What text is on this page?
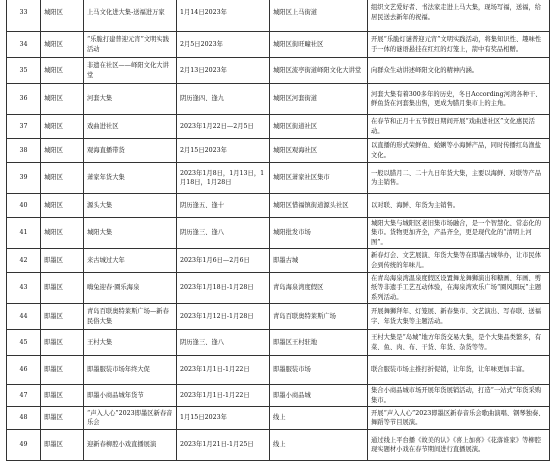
33	城阳区	上马文化进大集-送福进万家	1月14日2023年	城阳区上马街道	组织文艺爱好者、书法家走进上马大集，现场写福，送福，给居民送去新年的祝福。
34	城阳区	“乐脆打建普迎元宵”文明实践活动	2月5日2023年	城阳区街旺疃社区	开展“乐脆灯谜普迎元宵”文明实践活动，将集知识性、趣味性于一体的谜语悬挂在红红的灯笼上，箭中有奖品相赠。
35	城阳区	非遗在社区——峄阳文化大讲堂	2月13日2023年	城阳区流亭街道峄阳文化大讲堂	向群众生动讲述峄阳文化的精神内涵。
36	城阳区	河套大集	阴历逢四、逢九	城阳区河套街道	河套大集有着300多年的历史，冬日According河湾各种干、鲜鱼货在河套集出售，更成为腊月集市上的主角。
37	城阳区	戏曲进社区	2023年1月22日—2月5日	城阳区街道社区	在春节和正月十五节假日期间开展“戏曲进社区”文化惠民活动。
38	城阳区	观海直播带货	2月15日2023年	城阳区观海社区	以直播的形式荣鲜鱼、蛤蜊等小海鲜产品，同时传播红岛渔盐文化。
39	城阳区	萧家年货大集	2023年1月8日，1月13日，1月18日，1月28日	城阳区萧家社区集市	一般以腊月二、二十九日年货大集，主要以海鲜、对联等产品为主销售。
40	城阳区	源头大集	阴历逢五、逢十	城阳区惜福镇街道源头社区	以对联、海鲜、年货为主销售。
41	城阳区	城阳大集	阴历逢三、逢八	城阳批发市场	城阳大集与城阳区老旧集市场融合，是一个智慧化、常态化的集市。货物更加齐全，产品齐全，更是现代化的“清明上河图”。
42	即墨区	来古城过大年	2023年1月6日—2月6日	即墨古城	新春灯会、文艺展演、年货大集等在即墨古城举办，让市民体会到传统的年味儿。
43	即墨区	嗨兔迎春·圈乐海泉	2023年1月18日-1月28日	青岛海泉湾度假区	在青岛海泉湾温泉度假区设置舞龙舞狮演出和糖画、年画、剪纸等非遗手工艺互动体验，在海泉湾欢乐广场“圈风圈玩”主题系列活动。
44	即墨区	青岛百联奥特莱斯广场—新春民俗大集	2023年1月12日-1月28日	青岛百联奥特莱斯广场	开展舞狮拜年、灯笼展、新春集市、文艺演出、写春联、送福字、年货大集等主题活动。
45	即墨区	王村大集	阴历逢三、逢八	即墨区王村驻地	王村大集是“岛城”地方年货交易大集，是个大集品类繁多，有菜、鱼、肉、布、干货、年货、杂货等等。
46	即墨区	即墨服装市场年终大促	2023年1月1日-1月22日	即墨服装市场	联合服装市场主推打折促销，让年货，让年味更加丰富。
47	即墨区	即墨小商品城年货节	2023年1月1日-1月22日	即墨小商品城	集合小商品城市场开展年货展销活动，打造“一站式”年货采购集市。
48	即墨区	“声入人心”2023即墨区新春音乐会	1月15日2023年	线上	开展“声入人心”2023即墨区新春音乐会歌曲演唱、钢琴独奏、舞蹈等节目展演。
49	即墨区	迎新春柳腔小戏直播展演	2023年1月21日-1月25日	线上	通过线上平台播《故美的认》《喜上加喜》《花落谁家》等柳腔现实题材小戏在春节期间进行直播展演。
